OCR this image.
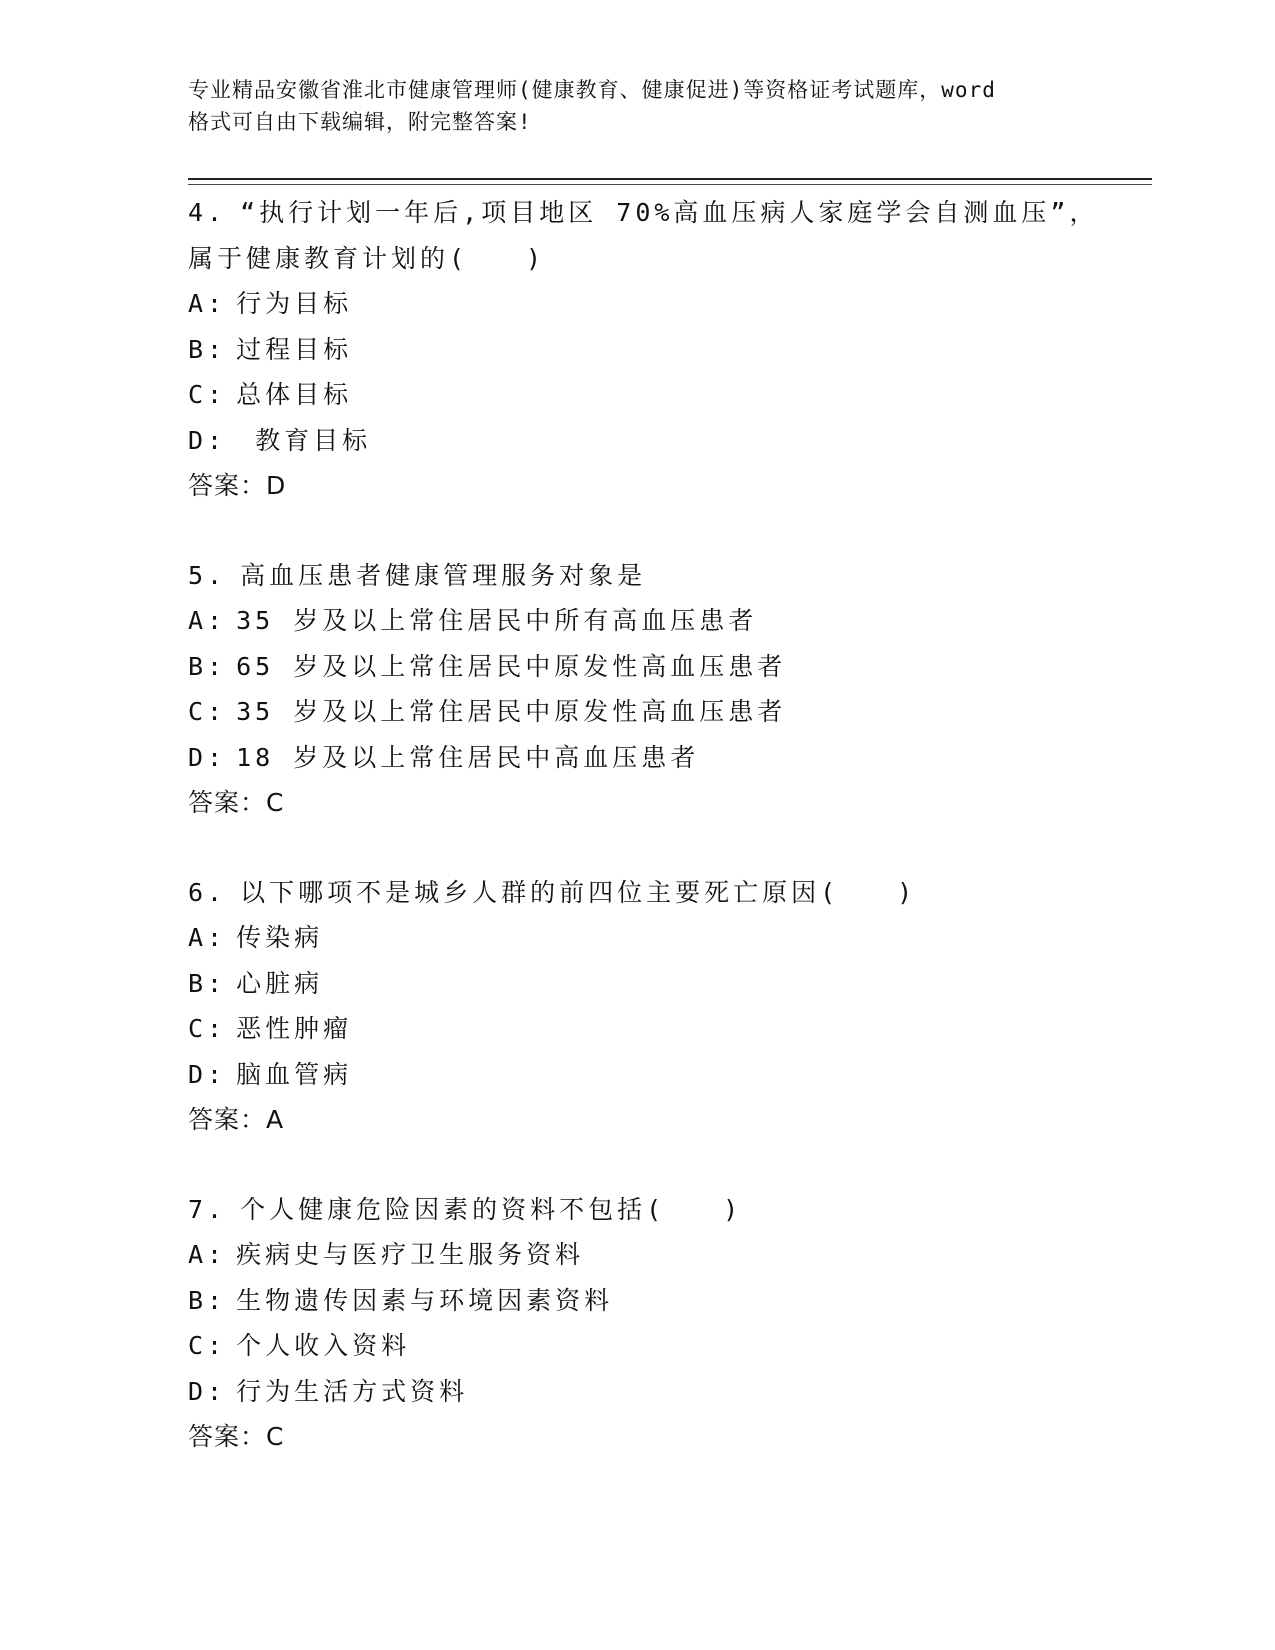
专业精品安徽省淮北市健康管理师(健康教育、健康促进)等资格证考试题库，word
格式可自由下载编辑，附完整答案!
4. “执行计划一年后,项目地区 70%高血压病人家庭学会自测血压”，
属于健康教育计划的(　　)
A: 行为目标
B: 过程目标
C: 总体目标
D: 教育目标
答案：D
5. 高血压患者健康管理服务对象是
A: 35 岁及以上常住居民中所有高血压患者
B: 65 岁及以上常住居民中原发性高血压患者
C: 35 岁及以上常住居民中原发性高血压患者
D: 18 岁及以上常住居民中高血压患者
答案：C
6. 以下哪项不是城乡人群的前四位主要死亡原因(　　)
A: 传染病
B: 心脏病
C: 恶性肿瘤
D: 脑血管病
答案：A
7. 个人健康危险因素的资料不包括(　　)
A: 疾病史与医疗卫生服务资料
B: 生物遗传因素与环境因素资料
C: 个人收入资料
D: 行为生活方式资料
答案：C
